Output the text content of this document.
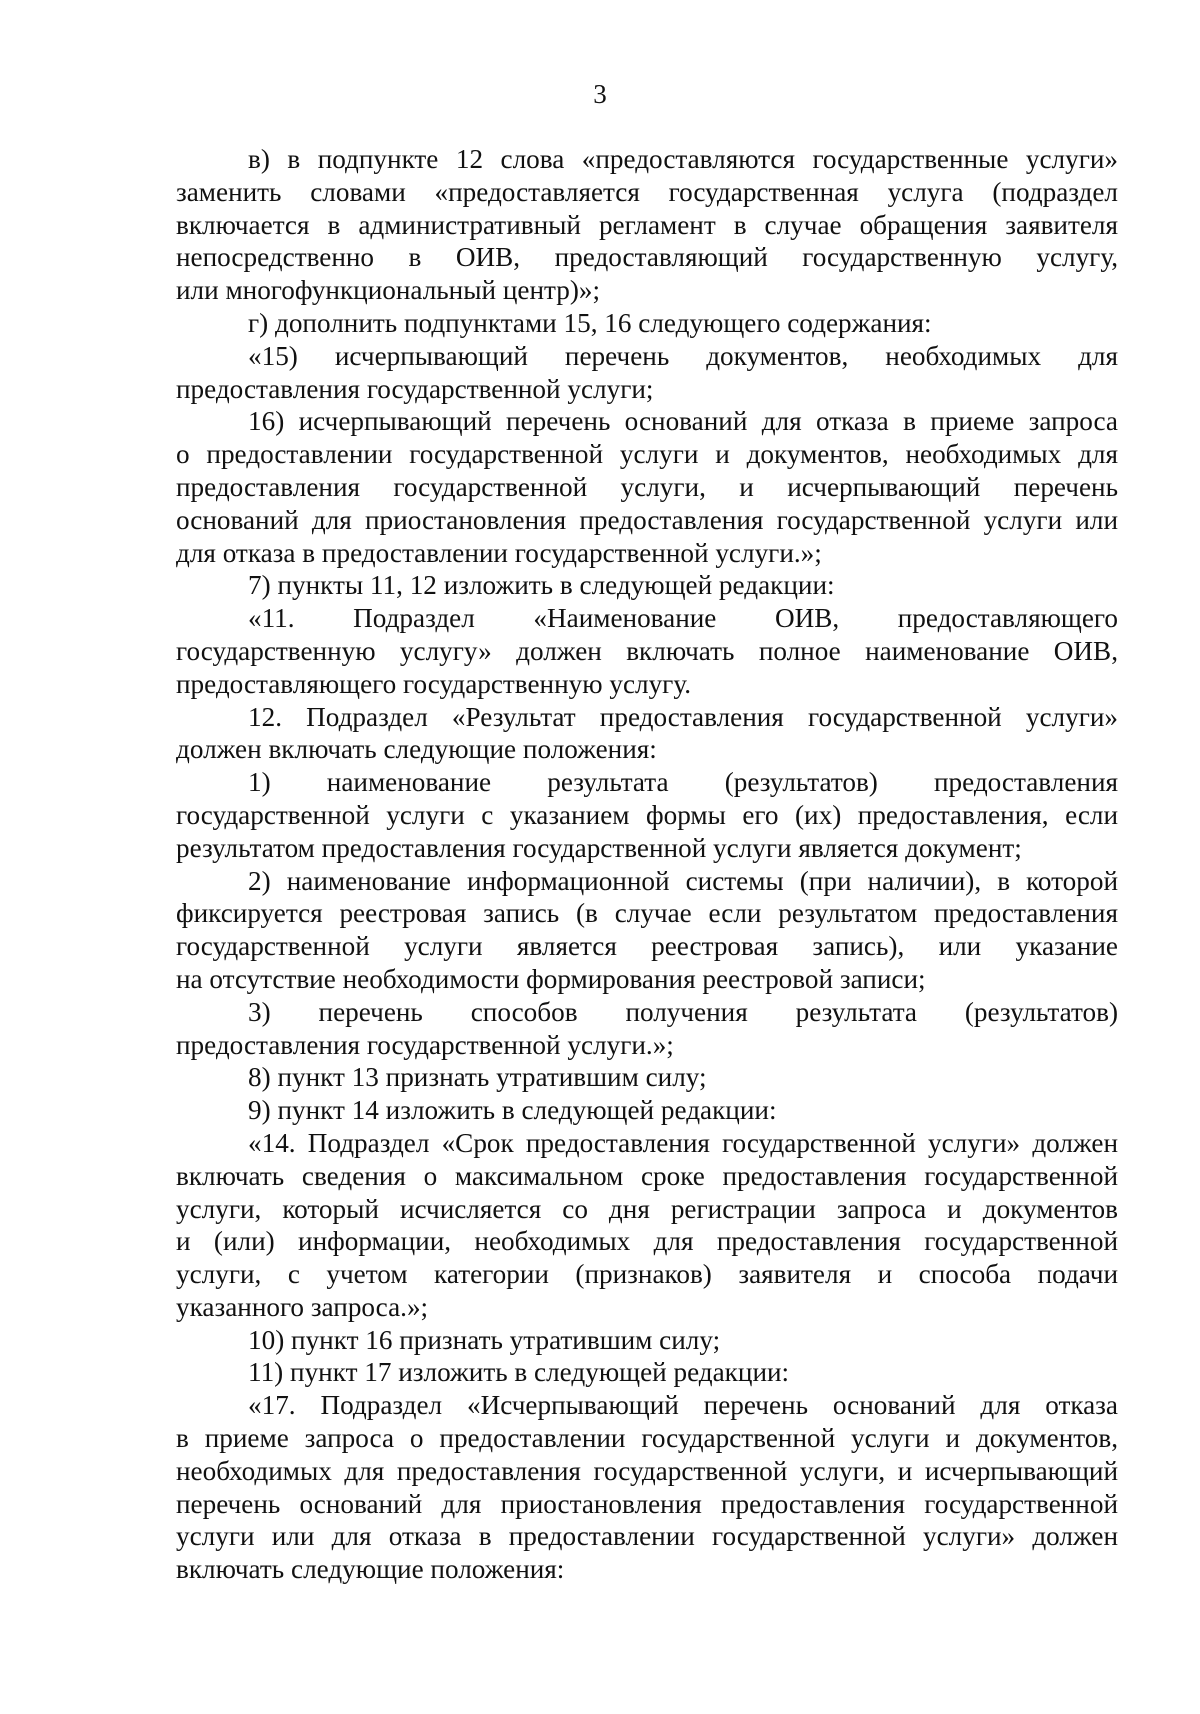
3
в) в подпункте 12 слова «предоставляются государственные услуги»
заменить словами «предоставляется государственная услуга (подраздел
включается в административный регламент в случае обращения заявителя
непосредственно в ОИВ, предоставляющий государственную услугу,
или многофункциональный центр)»;
г) дополнить подпунктами 15, 16 следующего содержания:
«15) исчерпывающий перечень документов, необходимых для
предоставления государственной услуги;
16) исчерпывающий перечень оснований для отказа в приеме запроса
о предоставлении государственной услуги и документов, необходимых для
предоставления государственной услуги, и исчерпывающий перечень
оснований для приостановления предоставления государственной услуги или
для отказа в предоставлении государственной услуги.»;
7) пункты 11, 12 изложить в следующей редакции:
«11. Подраздел «Наименование ОИВ, предоставляющего
государственную услугу» должен включать полное наименование ОИВ,
предоставляющего государственную услугу.
12. Подраздел «Результат предоставления государственной услуги»
должен включать следующие положения:
1) наименование результата (результатов) предоставления
государственной услуги с указанием формы его (их) предоставления, если
результатом предоставления государственной услуги является документ;
2) наименование информационной системы (при наличии), в которой
фиксируется реестровая запись (в случае если результатом предоставления
государственной услуги является реестровая запись), или указание
на отсутствие необходимости формирования реестровой записи;
3) перечень способов получения результата (результатов)
предоставления государственной услуги.»;
8) пункт 13 признать утратившим силу;
9) пункт 14 изложить в следующей редакции:
«14. Подраздел «Срок предоставления государственной услуги» должен
включать сведения о максимальном сроке предоставления государственной
услуги, который исчисляется со дня регистрации запроса и документов
и (или) информации, необходимых для предоставления государственной
услуги, с учетом категории (признаков) заявителя и способа подачи
указанного запроса.»;
10) пункт 16 признать утратившим силу;
11) пункт 17 изложить в следующей редакции:
«17. Подраздел «Исчерпывающий перечень оснований для отказа
в приеме запроса о предоставлении государственной услуги и документов,
необходимых для предоставления государственной услуги, и исчерпывающий
перечень оснований для приостановления предоставления государственной
услуги или для отказа в предоставлении государственной услуги» должен
включать следующие положения:
